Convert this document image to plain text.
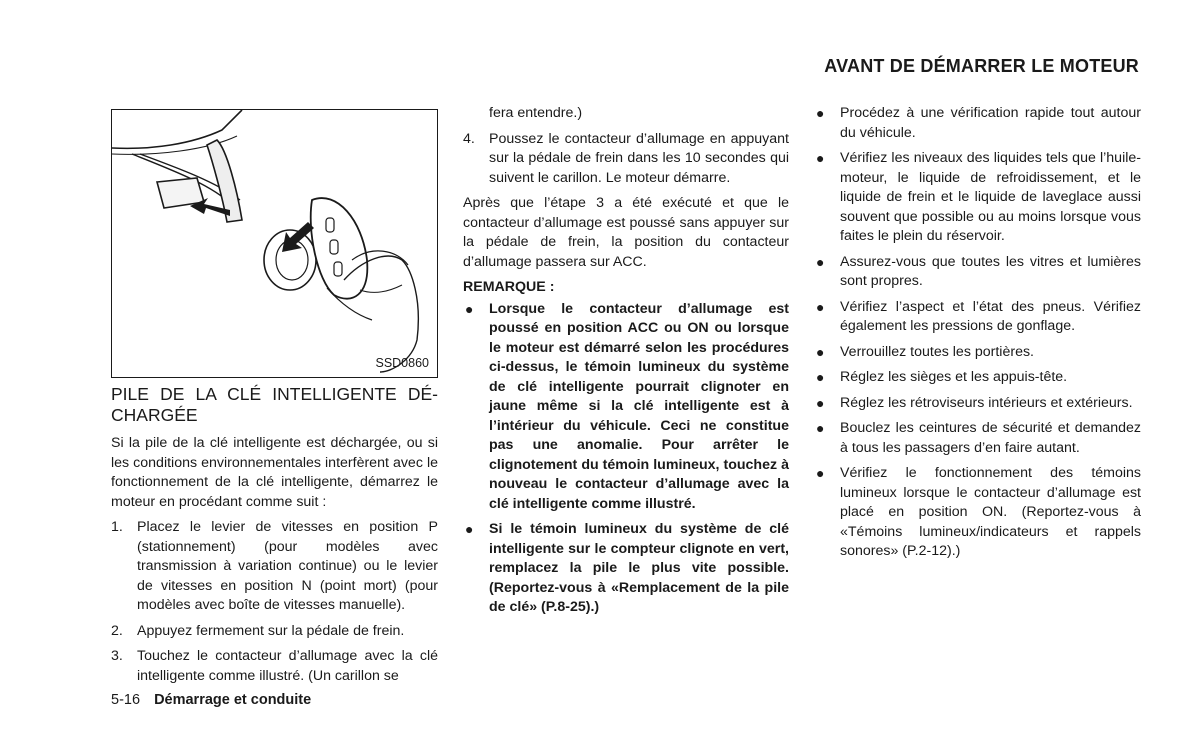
AVANT DE DÉMARRER LE MOTEUR
SSD0860
PILE DE LA CLÉ INTELLIGENTE DÉ-CHARGÉE

Si la pile de la clé intelligente est déchargée, ou si les conditions environnementales interfèrent avec le fonctionnement de la clé intelligente, démarrez le moteur en procédant comme suit :

1. Placez le levier de vitesses en position P (stationnement) (pour modèles avec transmission à variation continue) ou le levier de vitesses en position N (point mort) (pour modèles avec boîte de vitesses manuelle).
2. Appuyez fermement sur la pédale de frein.
3. Touchez le contacteur d’allumage avec la clé intelligente comme illustré. (Un carillon se
fera entendre.)
4. Poussez le contacteur d’allumage en appuyant sur la pédale de frein dans les 10 secondes qui suivent le carillon. Le moteur démarre.

Après que l’étape 3 a été exécuté et que le contacteur d’allumage est poussé sans appuyer sur la pédale de frein, la position du contacteur d’allumage passera sur ACC.

REMARQUE :
● Lorsque le contacteur d’allumage est poussé en position ACC ou ON ou lorsque le moteur est démarré selon les procédures ci-dessus, le témoin lumineux du système de clé intelligente pourrait clignoter en jaune même si la clé intelligente est à l’intérieur du véhicule. Ceci ne constitue pas une anomalie. Pour arrêter le clignotement du témoin lumineux, touchez à nouveau le contacteur d’allumage avec la clé intelligente comme illustré.
● Si le témoin lumineux du système de clé intelligente sur le compteur clignote en vert, remplacez la pile le plus vite possible. (Reportez-vous à «Remplacement de la pile de clé» (P.8-25).)
● Procédez à une vérification rapide tout autour du véhicule.
● Vérifiez les niveaux des liquides tels que l’huile-moteur, le liquide de refroidissement, et le liquide de frein et le liquide de laveglace aussi souvent que possible ou au moins lorsque vous faites le plein du réservoir.
● Assurez-vous que toutes les vitres et lumières sont propres.
● Vérifiez l’aspect et l’état des pneus. Vérifiez également les pressions de gonflage.
● Verrouillez toutes les portières.
● Réglez les sièges et les appuis-tête.
● Réglez les rétroviseurs intérieurs et extérieurs.
● Bouclez les ceintures de sécurité et demandez à tous les passagers d’en faire autant.
● Vérifiez le fonctionnement des témoins lumineux lorsque le contacteur d’allumage est placé en position ON. (Reportez-vous à «Témoins lumineux/indicateurs et rappels sonores» (P.2-12).)
5-16 Démarrage et conduite
